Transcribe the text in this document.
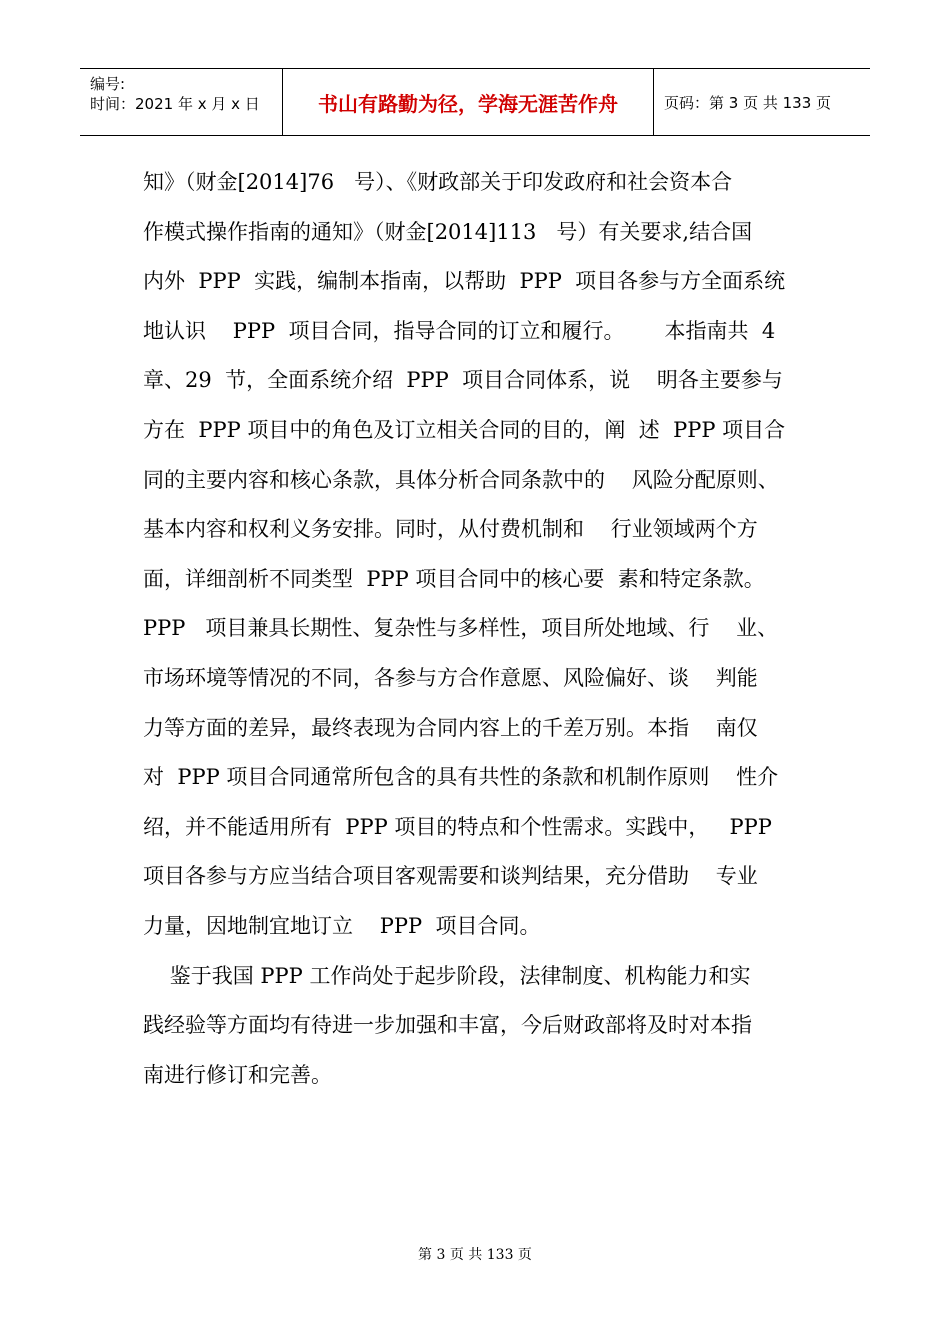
编号:
时间：2021 年 x 月 x 日	书山有路勤为径，学海无涯苦作舟	页码：第 3 页 共 133 页
知》（财金[2014]76   号）、《财政部关于印发政府和社会资本合
作模式操作指南的通知》（财金[2014]113   号）有关要求,结合国
内外  PPP  实践，编制本指南，以帮助  PPP  项目各参与方全面系统
地认识    PPP  项目合同，指导合同的订立和履行。      本指南共  4
章、29  节，全面系统介绍  PPP  项目合同体系，说    明各主要参与
方在  PPP 项目中的角色及订立相关合同的目的，阐  述  PPP 项目合
同的主要内容和核心条款，具体分析合同条款中的    风险分配原则、
基本内容和权利义务安排。同时，从付费机制和    行业领域两个方
面，详细剖析不同类型  PPP 项目合同中的核心要  素和特定条款。
PPP   项目兼具长期性、复杂性与多样性，项目所处地域、行    业、
市场环境等情况的不同，各参与方合作意愿、风险偏好、谈    判能
力等方面的差异，最终表现为合同内容上的千差万别。本指    南仅
对  PPP 项目合同通常所包含的具有共性的条款和机制作原则    性介
绍，并不能适用所有  PPP 项目的特点和个性需求。实践中，   PPP
项目各参与方应当结合项目客观需要和谈判结果，充分借助    专业
力量，因地制宜地订立    PPP  项目合同。
鉴于我国 PPP 工作尚处于起步阶段，法律制度、机构能力和实
践经验等方面均有待进一步加强和丰富，今后财政部将及时对本指
南进行修订和完善。
第 3 页 共 133 页
